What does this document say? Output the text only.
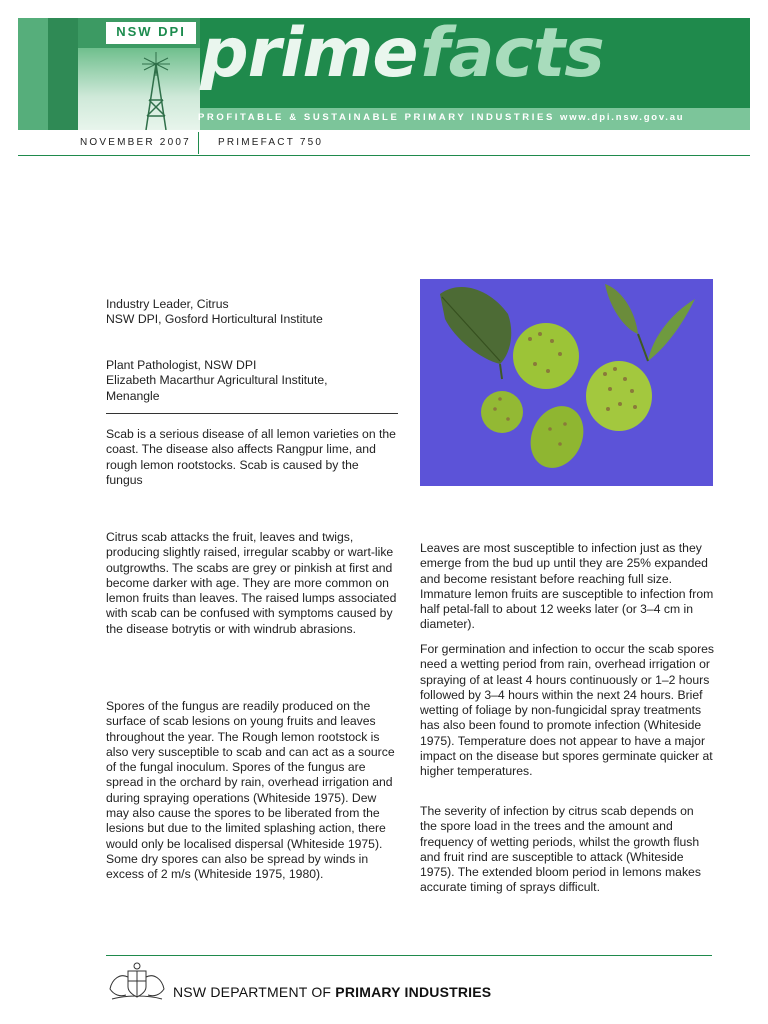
NSW DPI prime facts
PROFITABLE & SUSTAINABLE PRIMARY INDUSTRIES www.dpi.nsw.gov.au
NOVEMBER 2007	PRIMEFACT 750
Industry Leader, Citrus
NSW DPI, Gosford Horticultural Institute
Plant Pathologist, NSW DPI
Elizabeth Macarthur Agricultural Institute,
Menangle
Scab is a serious disease of all lemon varieties on the coast. The disease also affects Rangpur lime, and rough lemon rootstocks. Scab is caused by the fungus
Citrus scab attacks the fruit, leaves and twigs, producing slightly raised, irregular scabby or wart-like outgrowths. The scabs are grey or pinkish at first and become darker with age. They are more common on lemon fruits than leaves. The raised lumps associated with scab can be confused with symptoms caused by the disease botrytis or with windrub abrasions.
Spores of the fungus are readily produced on the surface of scab lesions on young fruits and leaves throughout the year. The Rough lemon rootstock is also very susceptible to scab and can act as a source of the fungal inoculum. Spores of the fungus are spread in the orchard by rain, overhead irrigation and during spraying operations (Whiteside 1975). Dew may also cause the spores to be liberated from the lesions but due to the limited splashing action, there would only be localised dispersal (Whiteside 1975). Some dry spores can also be spread by winds in excess of 2 m/s (Whiteside 1975, 1980).
Leaves are most susceptible to infection just as they emerge from the bud up until they are 25% expanded and become resistant before reaching full size. Immature lemon fruits are susceptible to infection from half petal-fall to about 12 weeks later (or 3–4 cm in diameter).
For germination and infection to occur the scab spores need a wetting period from rain, overhead irrigation or spraying of at least 4 hours continuously or 1–2 hours followed by 3–4 hours within the next 24 hours. Brief wetting of foliage by non-fungicidal spray treatments has also been found to promote infection (Whiteside 1975). Temperature does not appear to have a major impact on the disease but spores germinate quicker at higher temperatures.
The severity of infection by citrus scab depends on the spore load in the trees and the amount and frequency of wetting periods, whilst the growth flush and fruit rind are susceptible to attack (Whiteside 1975). The extended bloom period in lemons makes accurate timing of sprays difficult.
NSW DEPARTMENT OF PRIMARY INDUSTRIES
